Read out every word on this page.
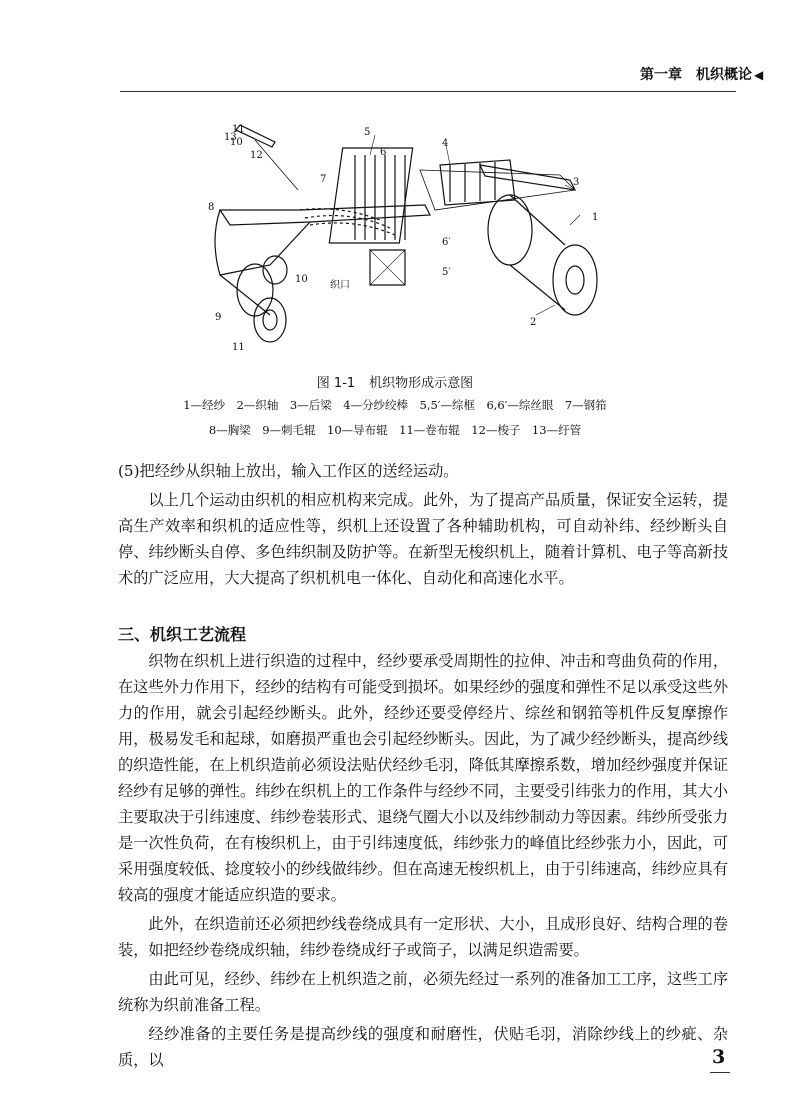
第一章　机织概论 ◀
10
11
1
2
3
4
5
5′
6
6′
7
8
9
10
11
12
13
织口
图 1-1 机织物形成示意图
1—经纱　2—织轴　3—后梁　4—分纱绞棒　5,5′—综框　6,6′—综丝眼　7—钢筘
8—胸梁　9—刺毛辊　10—导布辊　11—卷布辊　12—梭子　13—纡管

(5)把经纱从织轴上放出，输入工作区的送经运动。

以上几个运动由织机的相应机构来完成。此外，为了提高产品质量，保证安全运转，提高生产效率和织机的适应性等，织机上还设置了各种辅助机构，可自动补纬、经纱断头自停、纬纱断头自停、多色纬织制及防护等。在新型无梭织机上，随着计算机、电子等高新技术的广泛应用，大大提高了织机机电一体化、自动化和高速化水平。

三、机织工艺流程

织物在织机上进行织造的过程中，经纱要承受周期性的拉伸、冲击和弯曲负荷的作用，在这些外力作用下，经纱的结构有可能受到损坏。如果经纱的强度和弹性不足以承受这些外力的作用，就会引起经纱断头。此外，经纱还要受停经片、综丝和钢筘等机件反复摩擦作用，极易发毛和起球，如磨损严重也会引起经纱断头。因此，为了减少经纱断头，提高纱线的织造性能，在上机织造前必须设法贴伏经纱毛羽，降低其摩擦系数，增加经纱强度并保证经纱有足够的弹性。纬纱在织机上的工作条件与经纱不同，主要受引纬张力的作用，其大小主要取决于引纬速度、纬纱卷装形式、退绕气圈大小以及纬纱制动力等因素。纬纱所受张力是一次性负荷，在有梭织机上，由于引纬速度低，纬纱张力的峰值比经纱张力小，因此，可采用强度较低、捻度较小的纱线做纬纱。但在高速无梭织机上，由于引纬速高，纬纱应具有较高的强度才能适应织造的要求。

此外，在织造前还必须把纱线卷绕成具有一定形状、大小，且成形良好、结构合理的卷装，如把经纱卷绕成织轴，纬纱卷绕成纡子或筒子，以满足织造需要。

由此可见，经纱、纬纱在上机织造之前，必须先经过一系列的准备加工工序，这些工序统称为织前准备工程。

经纱准备的主要任务是提高纱线的强度和耐磨性，伏贴毛羽，消除纱线上的纱疵、杂质，以	3
